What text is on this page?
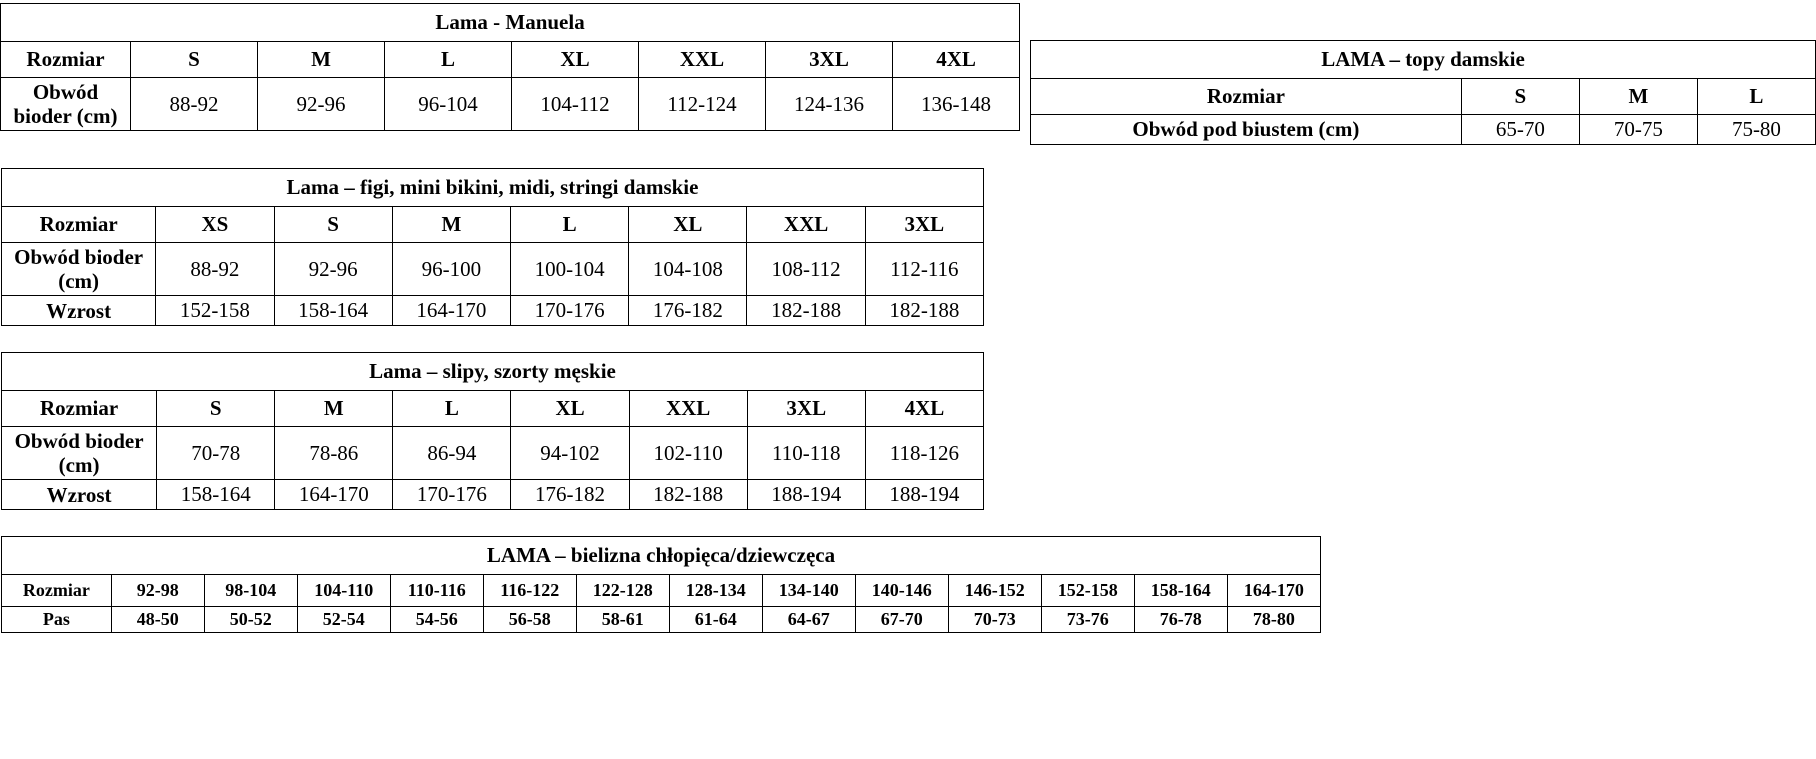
Lama - Manuela							
Rozmiar	S	M	L	XL	XXL	3XL	4XL
Obwód bioder (cm)	88-92	92-96	96-104	104-112	112-124	124-136	136-148
LAMA – topy damskie			
Rozmiar	S	M	L
Obwód pod biustem (cm)	65-70	70-75	75-80
Lama – figi, mini bikini, midi, stringi damskie							
Rozmiar	XS	S	M	L	XL	XXL	3XL
Obwód bioder (cm)	88-92	92-96	96-100	100-104	104-108	108-112	112-116
Wzrost	152-158	158-164	164-170	170-176	176-182	182-188	182-188
Lama – slipy, szorty męskie							
Rozmiar	S	M	L	XL	XXL	3XL	4XL
Obwód bioder (cm)	70-78	78-86	86-94	94-102	102-110	110-118	118-126
Wzrost	158-164	164-170	170-176	176-182	182-188	188-194	188-194
LAMA – bielizna chłopięca/dziewczęca													
Rozmiar	92-98	98-104	104-110	110-116	116-122	122-128	128-134	134-140	140-146	146-152	152-158	158-164	164-170
Pas	48-50	50-52	52-54	54-56	56-58	58-61	61-64	64-67	67-70	70-73	73-76	76-78	78-80
